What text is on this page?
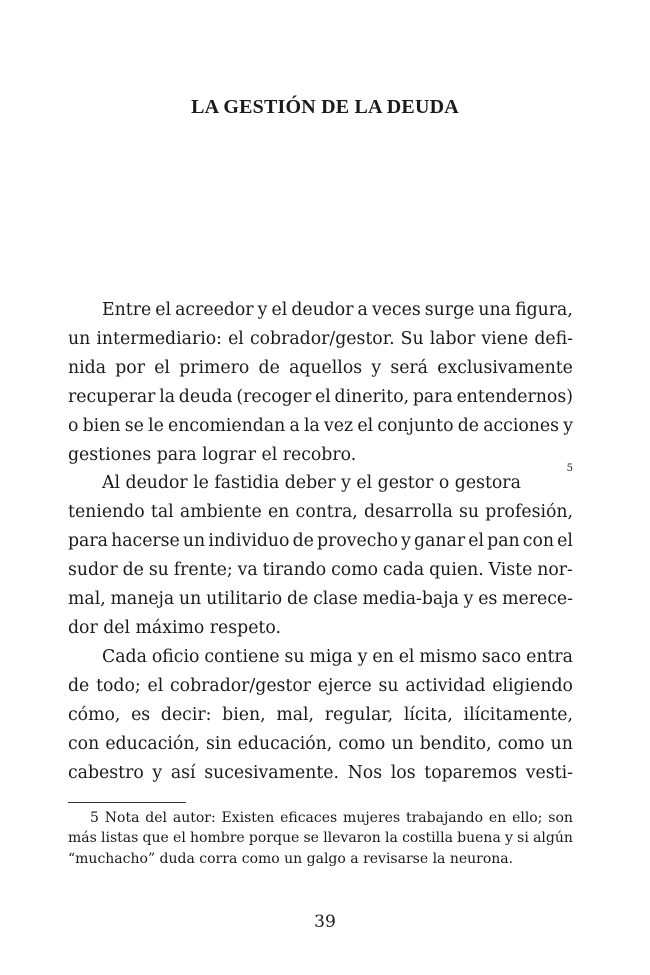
LA GESTIÓN DE LA DEUDA
Entre el acreedor y el deudor a veces surge una figura,
un intermediario: el cobrador/gestor. Su labor viene defi-
nida por el primero de aquellos y será exclusivamente
recuperar la deuda (recoger el dinerito, para entendernos)
o bien se le encomiendan a la vez el conjunto de acciones y
gestiones para lograr el recobro.
Al deudor le fastidia deber y el gestor o gestora
5
teniendo tal ambiente en contra, desarrolla su profesión,
para hacerse un individuo de provecho y ganar el pan con el
sudor de su frente; va tirando como cada quien. Viste nor-
mal, maneja un utilitario de clase media-baja y es merece-
dor del máximo respeto.
Cada oficio contiene su miga y en el mismo saco entra
de todo; el cobrador/gestor ejerce su actividad eligiendo
cómo, es decir: bien, mal, regular, lícita, ilícitamente,
con educación, sin educación, como un bendito, como un
cabestro y así sucesivamente. Nos los toparemos vesti-
5 Nota del autor: Existen eficaces mujeres trabajando en ello; son
más listas que el hombre porque se llevaron la costilla buena y si algún
“muchacho” duda corra como un galgo a revisarse la neurona.
39
